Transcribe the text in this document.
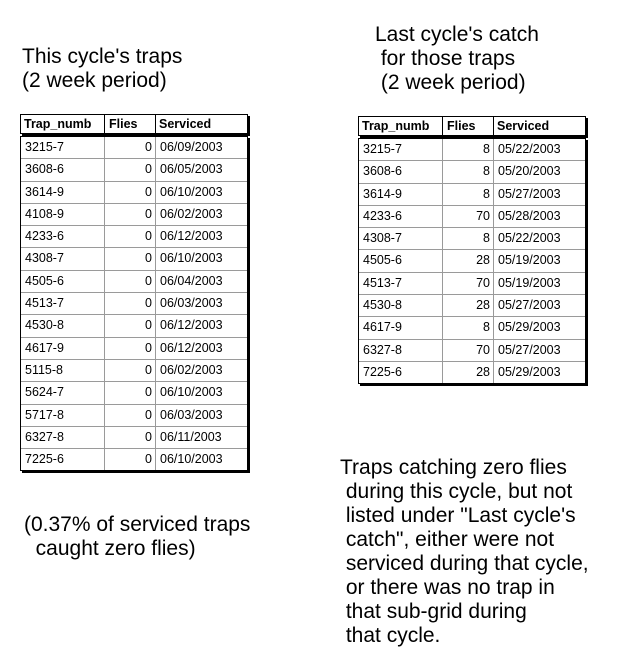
This cycle's traps
(2 week period)
Last cycle's catch
for those traps
(2 week period)
Trap_numb	Flies	Serviced
3215-7	0 06/09/2003
3608-6	0 06/05/2003
3614-9	0 06/10/2003
4108-9	0 06/02/2003
4233-6	0 06/12/2003
4308-7	0 06/10/2003
4505-6	0 06/04/2003
4513-7	0 06/03/2003
4530-8	0 06/12/2003
4617-9	0 06/12/2003
5115-8	0 06/02/2003
5624-7	0 06/10/2003
5717-8	0 06/03/2003
6327-8	0 06/11/2003
7225-6	0 06/10/2003
Trap_numb	Flies	Serviced
3215-7	8 05/22/2003
3608-6	8 05/20/2003
3614-9	8 05/27/2003
4233-6	70 05/28/2003
4308-7	8 05/22/2003
4505-6	28 05/19/2003
4513-7	70 05/19/2003
4530-8	28 05/27/2003
4617-9	8 05/29/2003
6327-8	70 05/27/2003
7225-6	28 05/29/2003
(0.37% of serviced traps
caught zero flies)
Traps catching zero flies
during this cycle, but not
listed under "Last cycle's
catch", either were not
serviced during that cycle,
or there was no trap in
that sub-grid during
that cycle.
